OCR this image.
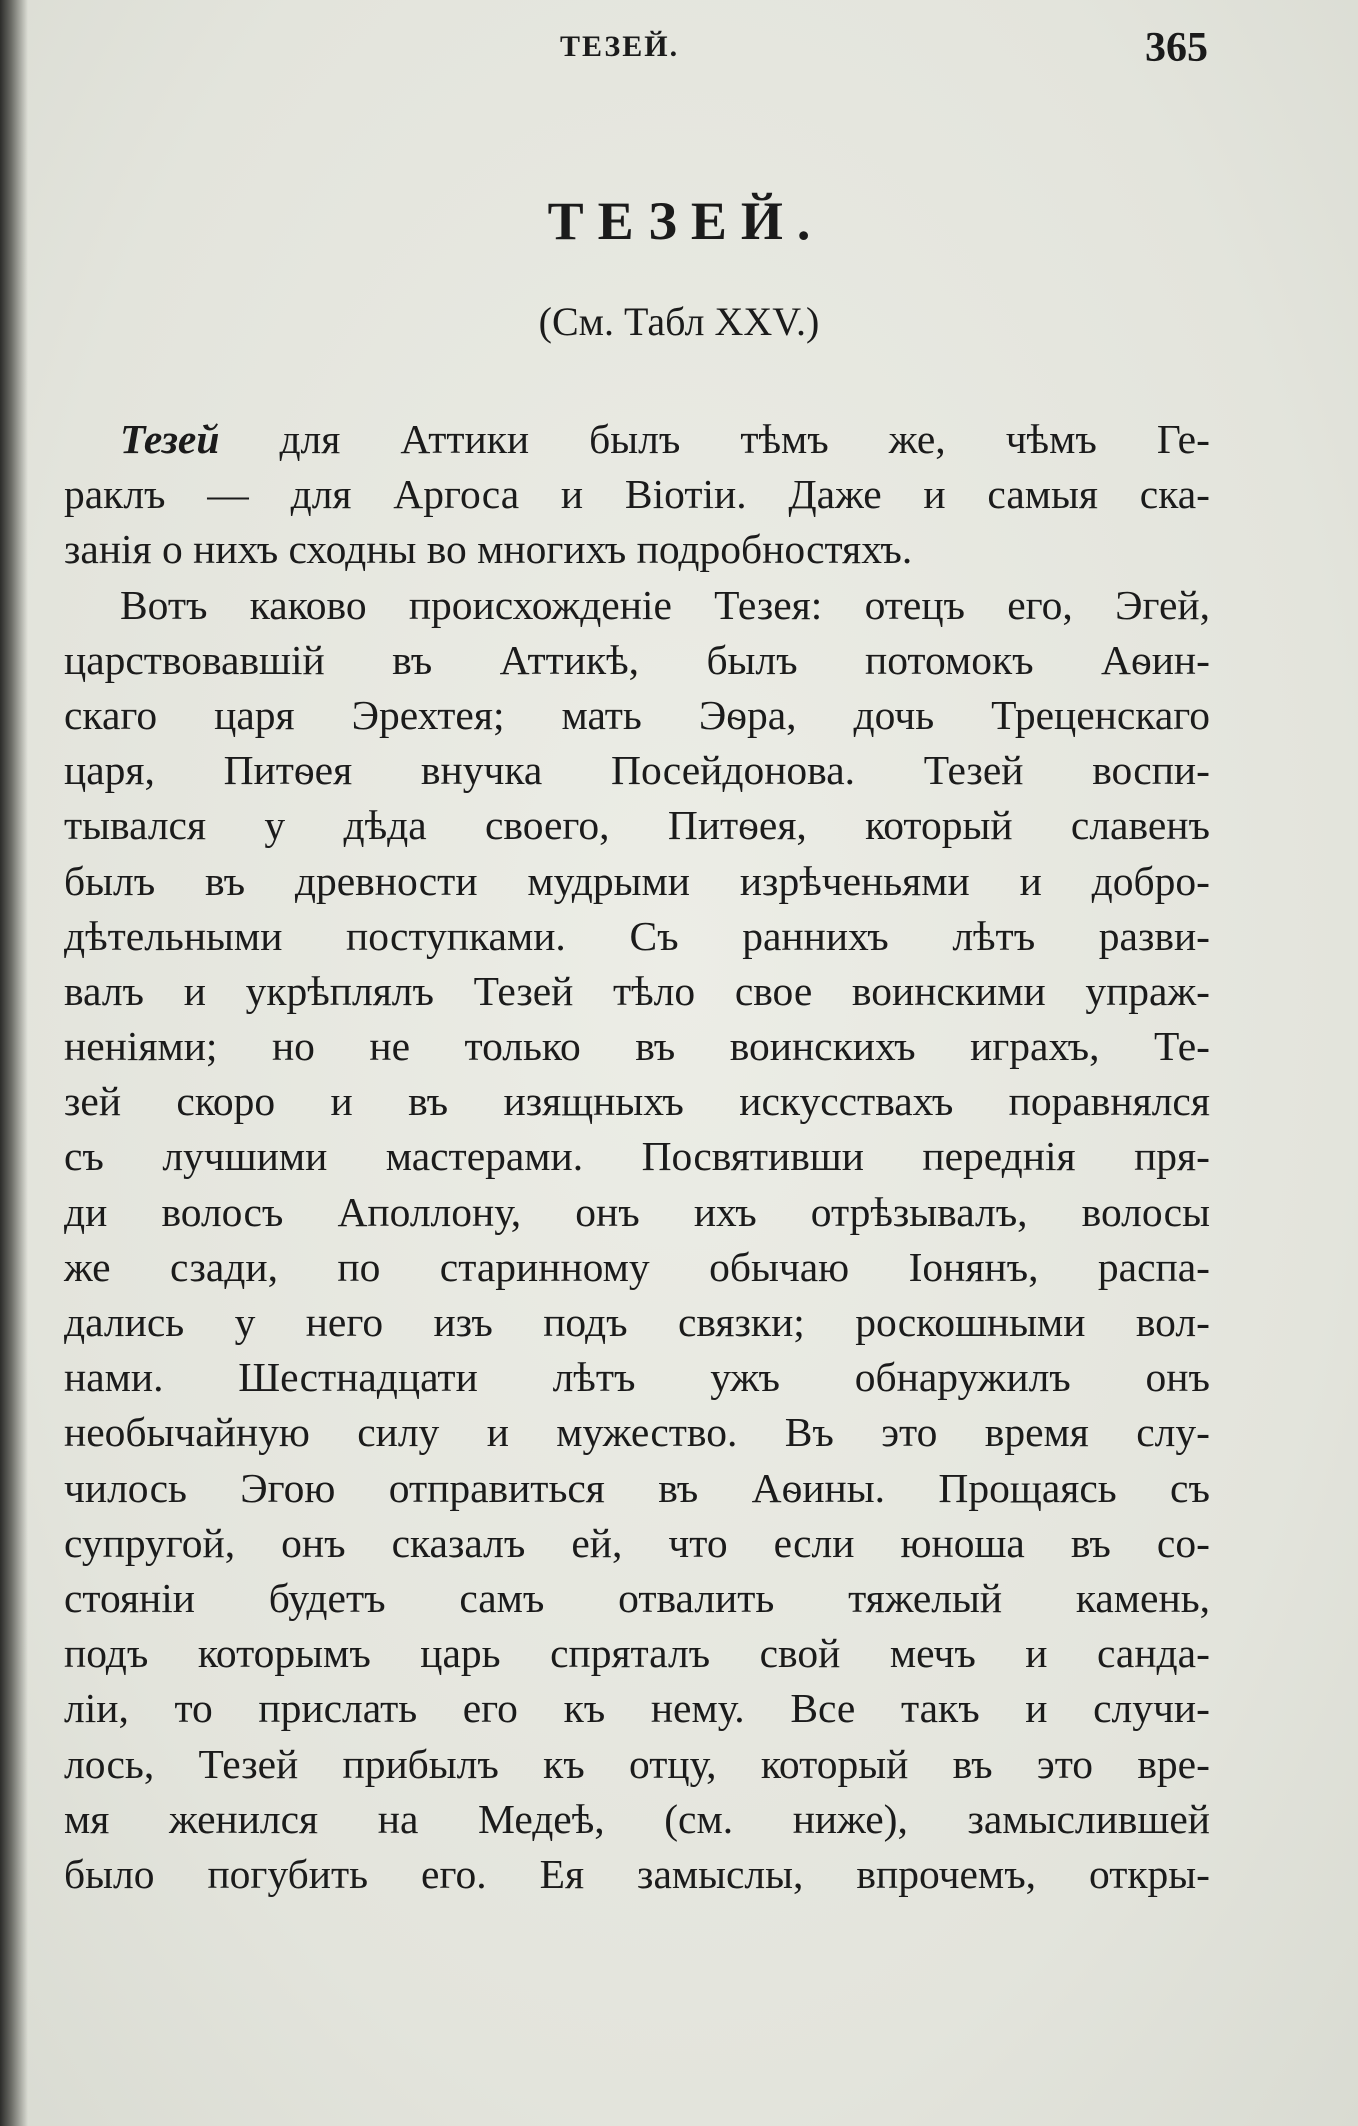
ТЕЗЕЙ.	365
ТЕЗЕЙ.
(См. Табл XXV.)
Тезей для Аттики былъ тѣмъ же, чѣмъ Ге-
раклъ — для Аргоса и Віотіи. Даже и самыя ска-
занія о нихъ сходны во многихъ подробностяхъ.
Вотъ каково происхожденіе Тезея: отецъ его, Эгей,
царствовавшій въ Аттикѣ, былъ потомокъ Аѳин-
скаго царя Эрехтея; мать Эѳра, дочь Треценскаго
царя, Питѳея внучка Посейдонова. Тезей воспи-
тывался у дѣда своего, Питѳея, который славенъ
былъ въ древности мудрыми изрѣченьями и добро-
дѣтельными поступками. Съ раннихъ лѣтъ разви-
валъ и укрѣплялъ Тезей тѣло свое воинскими упраж-
неніями; но не только въ воинскихъ играхъ, Те-
зей скоро и въ изящныхъ искусствахъ поравнялся
съ лучшими мастерами. Посвятивши переднія пря-
ди волосъ Аполлону, онъ ихъ отрѣзывалъ, волосы
же сзади, по старинному обычаю Іонянъ, распа-
дались у него изъ подъ связки; роскошными вол-
нами. Шестнадцати лѣтъ ужъ обнаружилъ онъ
необычайную силу и мужество. Въ это время слу-
чилось Эгою отправиться въ Аѳины. Прощаясь съ
супругой, онъ сказалъ ей, что если юноша въ со-
стояніи будетъ самъ отвалить тяжелый камень,
подъ которымъ царь спряталъ свой мечъ и санда-
ліи, то прислать его къ нему. Все такъ и случи-
лось, Тезей прибылъ къ отцу, который въ это вре-
мя женился на Медеѣ, (см. ниже), замыслившей
было погубить его. Ея замыслы, впрочемъ, откры-
